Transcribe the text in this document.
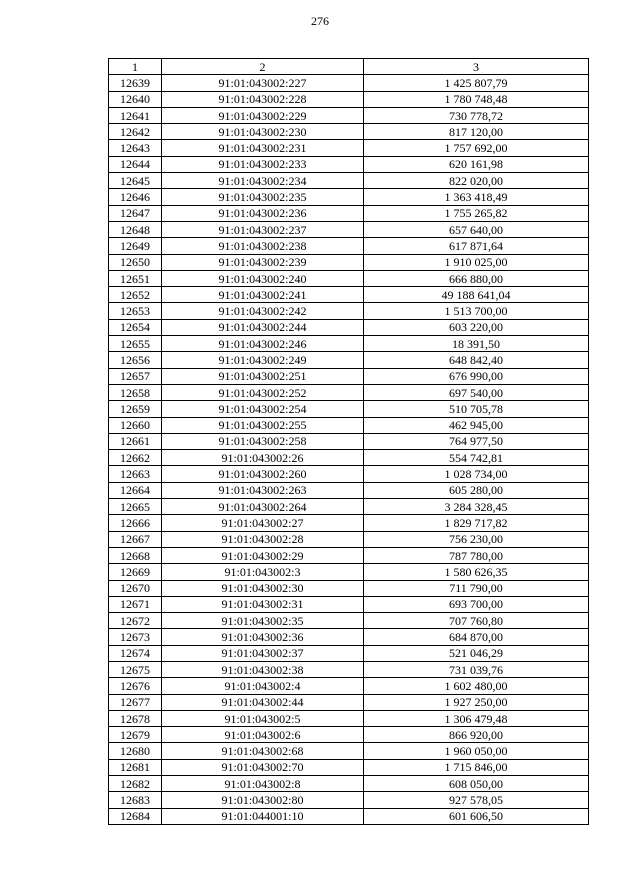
276
1	2	3
12639	91:01:043002:227	1 425 807,79
12640	91:01:043002:228	1 780 748,48
12641	91:01:043002:229	730 778,72
12642	91:01:043002:230	817 120,00
12643	91:01:043002:231	1 757 692,00
12644	91:01:043002:233	620 161,98
12645	91:01:043002:234	822 020,00
12646	91:01:043002:235	1 363 418,49
12647	91:01:043002:236	1 755 265,82
12648	91:01:043002:237	657 640,00
12649	91:01:043002:238	617 871,64
12650	91:01:043002:239	1 910 025,00
12651	91:01:043002:240	666 880,00
12652	91:01:043002:241	49 188 641,04
12653	91:01:043002:242	1 513 700,00
12654	91:01:043002:244	603 220,00
12655	91:01:043002:246	18 391,50
12656	91:01:043002:249	648 842,40
12657	91:01:043002:251	676 990,00
12658	91:01:043002:252	697 540,00
12659	91:01:043002:254	510 705,78
12660	91:01:043002:255	462 945,00
12661	91:01:043002:258	764 977,50
12662	91:01:043002:26	554 742,81
12663	91:01:043002:260	1 028 734,00
12664	91:01:043002:263	605 280,00
12665	91:01:043002:264	3 284 328,45
12666	91:01:043002:27	1 829 717,82
12667	91:01:043002:28	756 230,00
12668	91:01:043002:29	787 780,00
12669	91:01:043002:3	1 580 626,35
12670	91:01:043002:30	711 790,00
12671	91:01:043002:31	693 700,00
12672	91:01:043002:35	707 760,80
12673	91:01:043002:36	684 870,00
12674	91:01:043002:37	521 046,29
12675	91:01:043002:38	731 039,76
12676	91:01:043002:4	1 602 480,00
12677	91:01:043002:44	1 927 250,00
12678	91:01:043002:5	1 306 479,48
12679	91:01:043002:6	866 920,00
12680	91:01:043002:68	1 960 050,00
12681	91:01:043002:70	1 715 846,00
12682	91:01:043002:8	608 050,00
12683	91:01:043002:80	927 578,05
12684	91:01:044001:10	601 606,50
